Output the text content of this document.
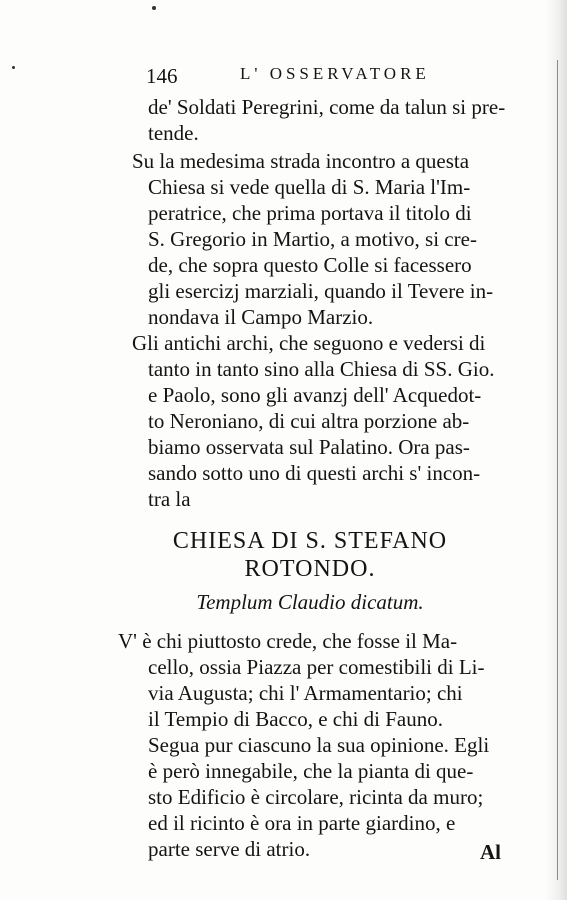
146	L' OSSERVATORE
de' Soldati Peregrini, come da talun si pre-
tende.
Su la medesima strada incontro a questa
Chiesa si vede quella di S. Maria l'Im-
peratrice, che prima portava il titolo di
S. Gregorio in Martio, a motivo, si cre-
de, che sopra questo Colle si facessero
gli esercizj marziali, quando il Tevere in-
nondava il Campo Marzio.
Gli antichi archi, che seguono e vedersi di
tanto in tanto sino alla Chiesa di SS. Gio.
e Paolo, sono gli avanzj dell' Acquedot-
to Neroniano, di cui altra porzione ab-
biamo osservata sul Palatino. Ora pas-
sando sotto uno di questi archi s' incon-
tra la
CHIESA DI S. STEFANO
ROTONDO.
Templum Claudio dicatum.
V' è chi piuttosto crede, che fosse il Ma-
cello, ossia Piazza per comestibili di Li-
via Augusta; chi l' Armamentario; chi
il Tempio di Bacco, e chi di Fauno.
Segua pur ciascuno la sua opinione. Egli
è però innegabile, che la pianta di que-
sto Edificio è circolare, ricinta da muro;
ed il ricinto è ora in parte giardino, e
parte serve di atrio.	Al
